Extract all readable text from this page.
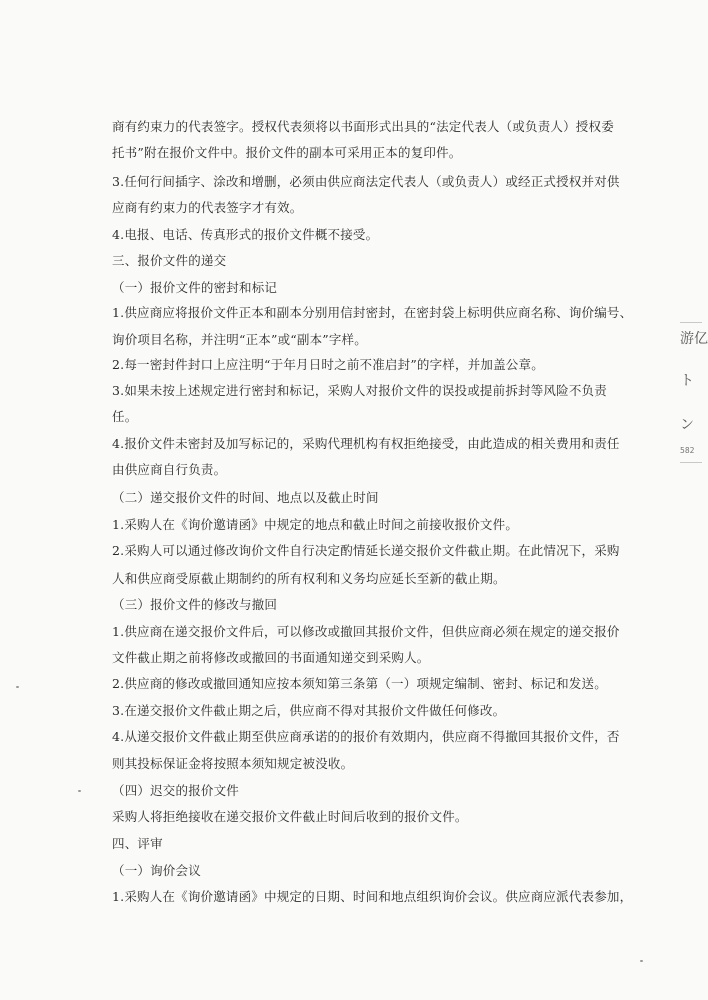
商有约束力的代表签字。授权代表须将以书面形式出具的“法定代表人（或负责人）授权委
托书”附在报价文件中。报价文件的副本可采用正本的复印件。
3.任何行间插字、涂改和增删，必须由供应商法定代表人（或负责人）或经正式授权并对供
应商有约束力的代表签字才有效。
4.电报、电话、传真形式的报价文件概不接受。
三、报价文件的递交
（一）报价文件的密封和标记
1.供应商应将报价文件正本和副本分别用信封密封，在密封袋上标明供应商名称、询价编号、
询价项目名称，并注明“正本”或“副本”字样。
2.每一密封件封口上应注明“于年月日时之前不准启封”的字样，并加盖公章。
3.如果未按上述规定进行密封和标记，采购人对报价文件的误投或提前拆封等风险不负责
任。
4.报价文件未密封及加写标记的，采购代理机构有权拒绝接受，由此造成的相关费用和责任
由供应商自行负责。
（二）递交报价文件的时间、地点以及截止时间
1.采购人在《询价邀请函》中规定的地点和截止时间之前接收报价文件。
2.采购人可以通过修改询价文件自行决定酌情延长递交报价文件截止期。在此情况下，采购
人和供应商受原截止期制约的所有权利和义务均应延长至新的截止期。
（三）报价文件的修改与撤回
1.供应商在递交报价文件后，可以修改或撤回其报价文件，但供应商必须在规定的递交报价
文件截止期之前将修改或撤回的书面通知递交到采购人。
2.供应商的修改或撤回通知应按本须知第三条第（一）项规定编制、密封、标记和发送。
3.在递交报价文件截止期之后，供应商不得对其报价文件做任何修改。
4.从递交报价文件截止期至供应商承诺的的报价有效期内，供应商不得撤回其报价文件，否
则其投标保证金将按照本须知规定被没收。
（四）迟交的报价文件
采购人将拒绝接收在递交报价文件截止时间后收到的报价文件。
四、评审
（一）询价会议
1.采购人在《询价邀请函》中规定的日期、时间和地点组织询价会议。供应商应派代表参加，
游亿
ト
ン
582
